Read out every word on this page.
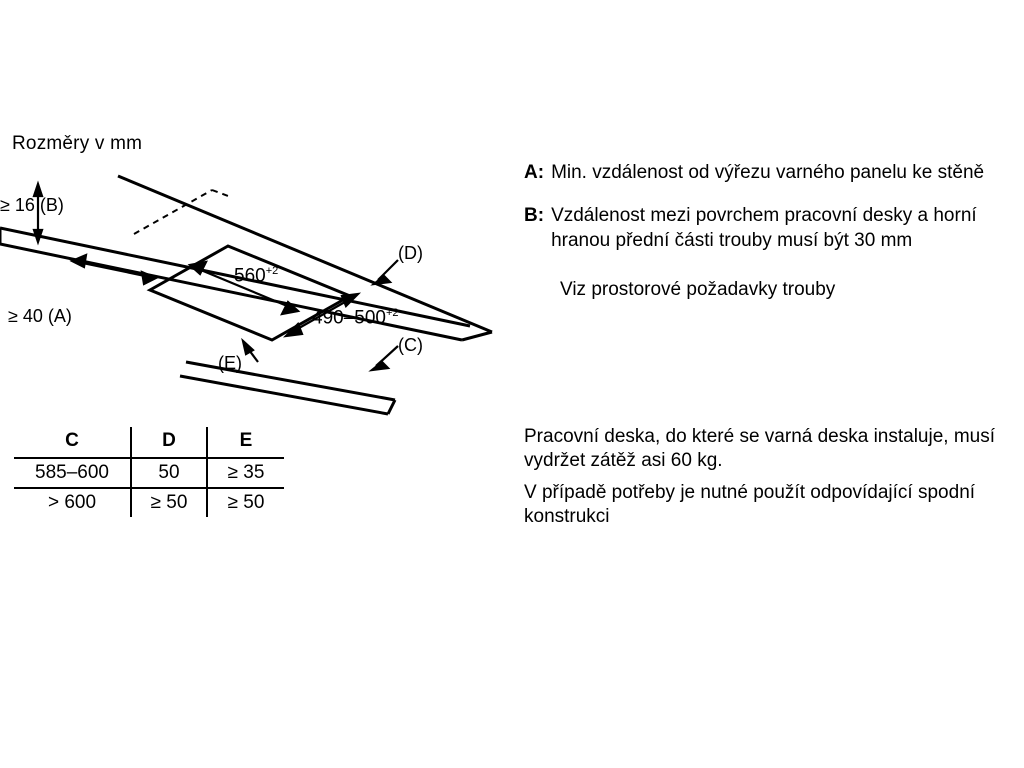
Rozměry v mm
≥ 16 (B)
≥ 40 (A)
$560^{+2}$
$490-500^{+2}$
(D)
(C)
(E)
C	D	E
585–600	50	≥ 35
> 600	≥ 50	≥ 50
A: Min. vzdálenost od výřezu varného panelu ke stěně
B: Vzdálenost mezi povrchem pracovní desky a horní hranou přední části trouby musí být 30 mm
Viz prostorové požadavky trouby
Pracovní deska, do které se varná deska instaluje, musí vydržet zátěž asi 60 kg.
V případě potřeby je nutné použít odpovídající spodní konstrukci
